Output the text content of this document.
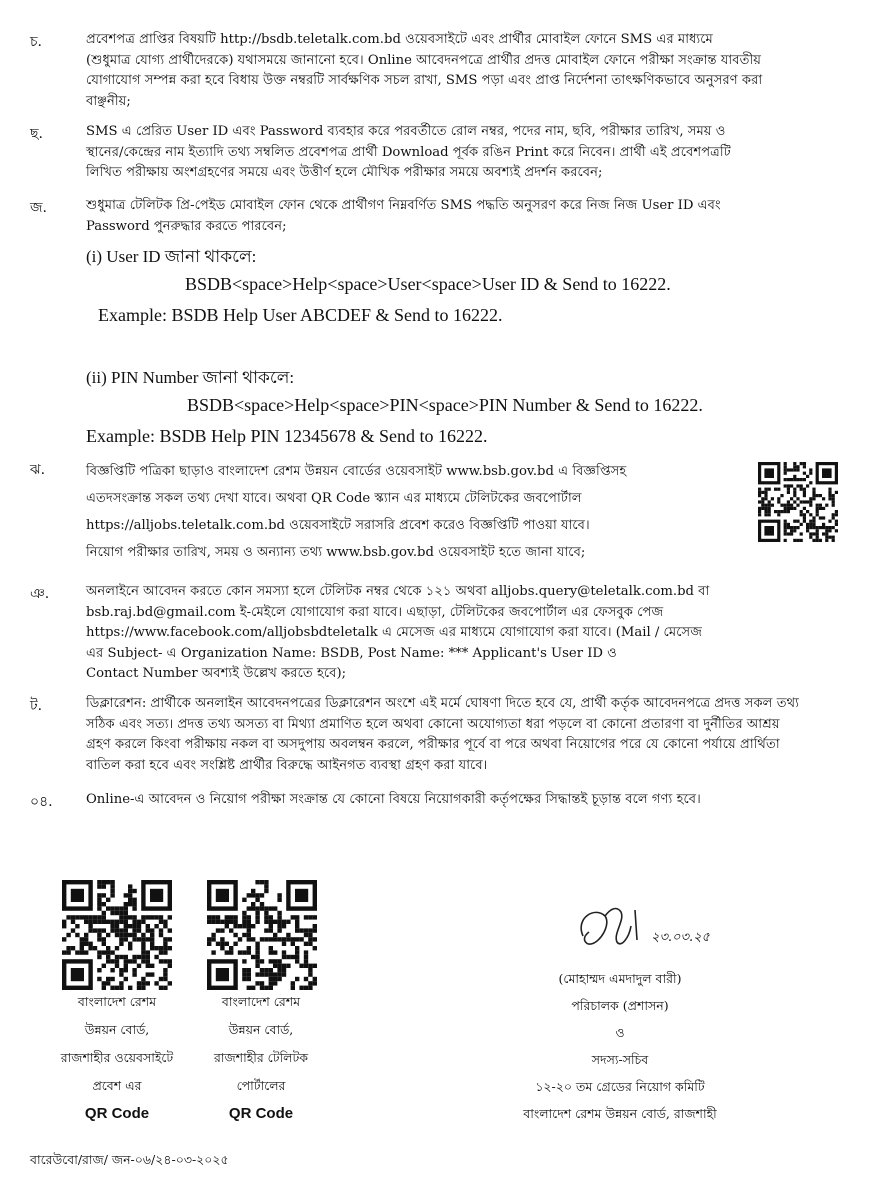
চ.	প্রবেশপত্র প্রাপ্তির বিষয়টি http://bsdb.teletalk.com.bd ওয়েবসাইটে এবং প্রার্থীর মোবাইল ফোনে SMS এর মাধ্যমে
(শুধুমাত্র যোগ্য প্রার্থীদেরকে) যথাসময়ে জানানো হবে। Online আবেদনপত্রে প্রার্থীর প্রদত্ত মোবাইল ফোনে পরীক্ষা সংক্রান্ত যাবতীয়
যোগাযোগ সম্পন্ন করা হবে বিধায় উক্ত নম্বরটি সার্বক্ষণিক সচল রাখা, SMS পড়া এবং প্রাপ্ত নির্দেশনা তাৎক্ষণিকভাবে অনুসরণ করা
বাঞ্ছনীয়;
ছ.	SMS এ প্রেরিত User ID এবং Password ব্যবহার করে পরবর্তীতে রোল নম্বর, পদের নাম, ছবি, পরীক্ষার তারিখ, সময় ও
স্থানের/কেন্দ্রের নাম ইত্যাদি তথ্য সম্বলিত প্রবেশপত্র প্রার্থী Download পূর্বক রঙিন Print করে নিবেন। প্রার্থী এই প্রবেশপত্রটি
লিখিত পরীক্ষায় অংশগ্রহণের সময়ে এবং উত্তীর্ণ হলে মৌখিক পরীক্ষার সময়ে অবশ্যই প্রদর্শন করবেন;
জ.	শুধুমাত্র টেলিটক প্রি-পেইড মোবাইল ফোন থেকে প্রার্থীগণ নিম্নবর্ণিত SMS পদ্ধতি অনুসরণ করে নিজ নিজ User ID এবং
Password পুনরুদ্ধার করতে পারবেন;
(i) User ID জানা থাকলে:
BSDB<space>Help<space>User<space>User ID & Send to 16222.
Example: BSDB Help User ABCDEF & Send to 16222.
(ii) PIN Number জানা থাকলে:
BSDB<space>Help<space>PIN<space>PIN Number & Send to 16222.
Example: BSDB Help PIN 12345678 & Send to 16222.
ঝ.	বিজ্ঞপ্তিটি পত্রিকা ছাড়াও বাংলাদেশ রেশম উন্নয়ন বোর্ডের ওয়েবসাইট www.bsb.gov.bd এ বিজ্ঞপ্তিসহ
এতদসংক্রান্ত সকল তথ্য দেখা যাবে। অথবা QR Code স্ক্যান এর মাধ্যমে টেলিটকের জবপোর্টাল
https://alljobs.teletalk.com.bd ওয়েবসাইটে সরাসরি প্রবেশ করেও বিজ্ঞপ্তিটি পাওয়া যাবে।
নিয়োগ পরীক্ষার তারিখ, সময় ও অন্যান্য তথ্য www.bsb.gov.bd ওয়েবসাইট হতে জানা যাবে;
ঞ.	অনলাইনে আবেদন করতে কোন সমস্যা হলে টেলিটক নম্বর থেকে ১২১ অথবা alljobs.query@teletalk.com.bd বা
bsb.raj.bd@gmail.com ই-মেইলে যোগাযোগ করা যাবে। এছাড়া, টেলিটকের জবপোর্টাল এর ফেসবুক পেজ
https://www.facebook.com/alljobsbdteletalk এ মেসেজ এর মাধ্যমে যোগাযোগ করা যাবে। (Mail / মেসেজ
এর Subject- এ Organization Name: BSDB, Post Name: *** Applicant's User ID ও
Contact Number অবশ্যই উল্লেখ করতে হবে);
ট.	ডিক্লারেশন: প্রার্থীকে অনলাইন আবেদনপত্রের ডিক্লারেশন অংশে এই মর্মে ঘোষণা দিতে হবে যে, প্রার্থী কর্তৃক আবেদনপত্রে প্রদত্ত সকল তথ্য
সঠিক এবং সত্য। প্রদত্ত তথ্য অসত্য বা মিথ্যা প্রমাণিত হলে অথবা কোনো অযোগ্যতা ধরা পড়লে বা কোনো প্রতারণা বা দুর্নীতির আশ্রয়
গ্রহণ করলে কিংবা পরীক্ষায় নকল বা অসদুপায় অবলম্বন করলে, পরীক্ষার পূর্বে বা পরে অথবা নিয়োগের পরে যে কোনো পর্যায়ে প্রার্থিতা
বাতিল করা হবে এবং সংশ্লিষ্ট প্রার্থীর বিরুদ্ধে আইনগত ব্যবস্থা গ্রহণ করা যাবে।
০৪.	Online-এ আবেদন ও নিয়োগ পরীক্ষা সংক্রান্ত যে কোনো বিষয়ে নিয়োগকারী কর্তৃপক্ষের সিদ্ধান্তই চূড়ান্ত বলে গণ্য হবে।
বাংলাদেশ রেশম
উন্নয়ন বোর্ড,
রাজশাহীর ওয়েবসাইটে
প্রবেশ এর
QR Code
বাংলাদেশ রেশম
উন্নয়ন বোর্ড,
রাজশাহীর টেলিটক
পোর্টালের
QR Code
২৩.০৩.২৫
(মোহাম্মদ এমদাদুল বারী)
পরিচালক (প্রশাসন)
ও
সদস্য-সচিব
১২-২০ তম গ্রেডের নিয়োগ কমিটি
বাংলাদেশ রেশম উন্নয়ন বোর্ড, রাজশাহী
বারেউবো/রাজ/ জন-০৬/২৪-০৩-২০২৫
